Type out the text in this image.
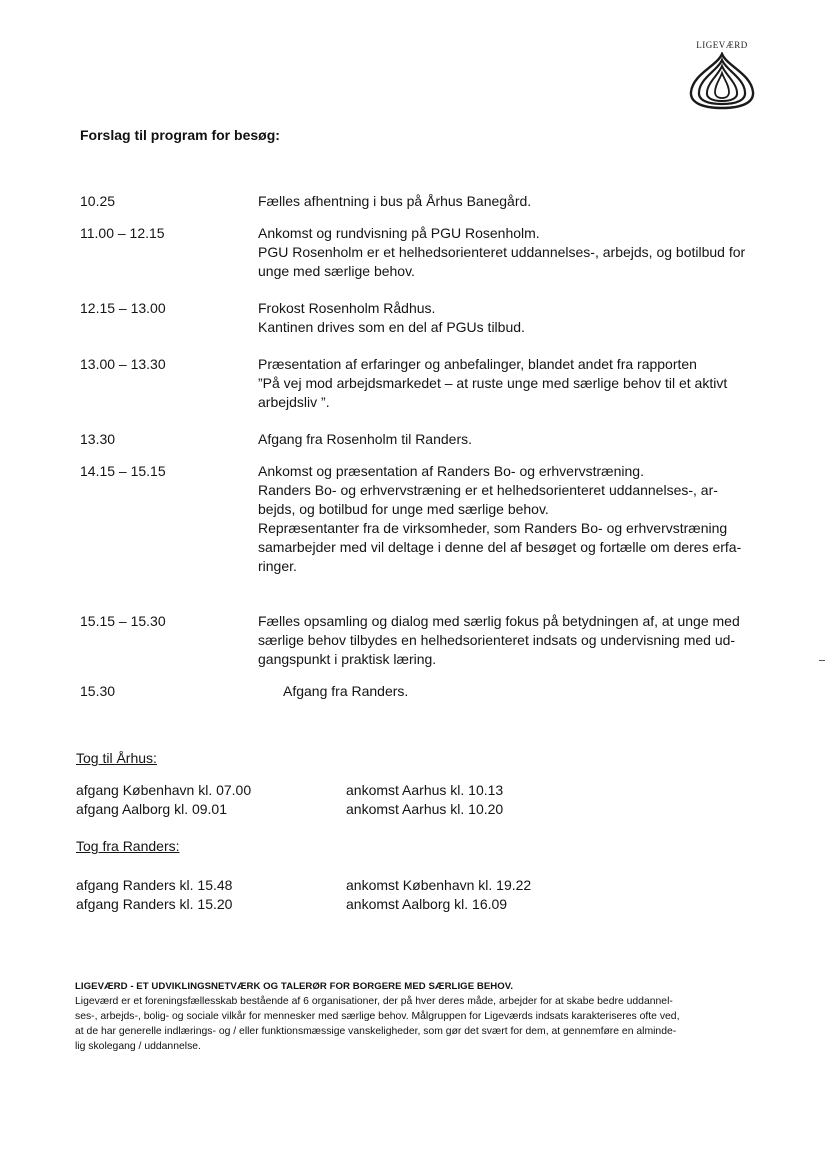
LIGEVÆRD
Forslag til program for besøg:
10.25	Fælles afhentning i bus på Århus Banegård.
11.00 – 12.15	Ankomst og rundvisning på PGU Rosenholm.
PGU Rosenholm er et helhedsorienteret uddannelses-, arbejds, og botilbud for
unge med særlige behov.
12.15 – 13.00	Frokost Rosenholm Rådhus.
Kantinen drives som en del af PGUs tilbud.
13.00 – 13.30	Præsentation af erfaringer og anbefalinger, blandet andet fra rapporten
”På vej mod arbejdsmarkedet – at ruste unge med særlige behov til et aktivt
arbejdsliv ”.
13.30	Afgang fra Rosenholm til Randers.
14.15 – 15.15	Ankomst og præsentation af Randers Bo- og erhvervstræning.
Randers Bo- og erhvervstræning er et helhedsorienteret uddannelses-, ar-
bejds, og botilbud for unge med særlige behov.
Repræsentanter fra de virksomheder, som Randers Bo- og erhvervstræning
samarbejder med vil deltage i denne del af besøget og fortælle om deres erfa-
ringer.
15.15 – 15.30	Fælles opsamling og dialog med særlig fokus på betydningen af, at unge med
særlige behov tilbydes en helhedsorienteret indsats og undervisning med ud-
gangspunkt i praktisk læring.
15.30	Afgang fra Randers.
Tog til Århus:
afgang København kl. 07.00	ankomst Aarhus kl. 10.13
afgang Aalborg kl. 09.01	ankomst Aarhus kl. 10.20
Tog fra Randers:
afgang Randers kl. 15.48	ankomst København kl. 19.22
afgang Randers kl. 15.20	ankomst Aalborg kl. 16.09
LIGEVÆRD - ET UDVIKLINGSNETVÆRK OG TALERØR FOR BORGERE MED SÆRLIGE BEHOV.
Ligeværd er et foreningsfællesskab bestående af 6 organisationer, der på hver deres måde, arbejder for at skabe bedre uddannel-
ses-, arbejds-, bolig- og sociale vilkår for mennesker med særlige behov. Målgruppen for Ligeværds indsats karakteriseres ofte ved,
at de har generelle indlærings- og / eller funktionsmæssige vanskeligheder, som gør det svært for dem, at gennemføre en alminde-
lig skolegang / uddannelse.
